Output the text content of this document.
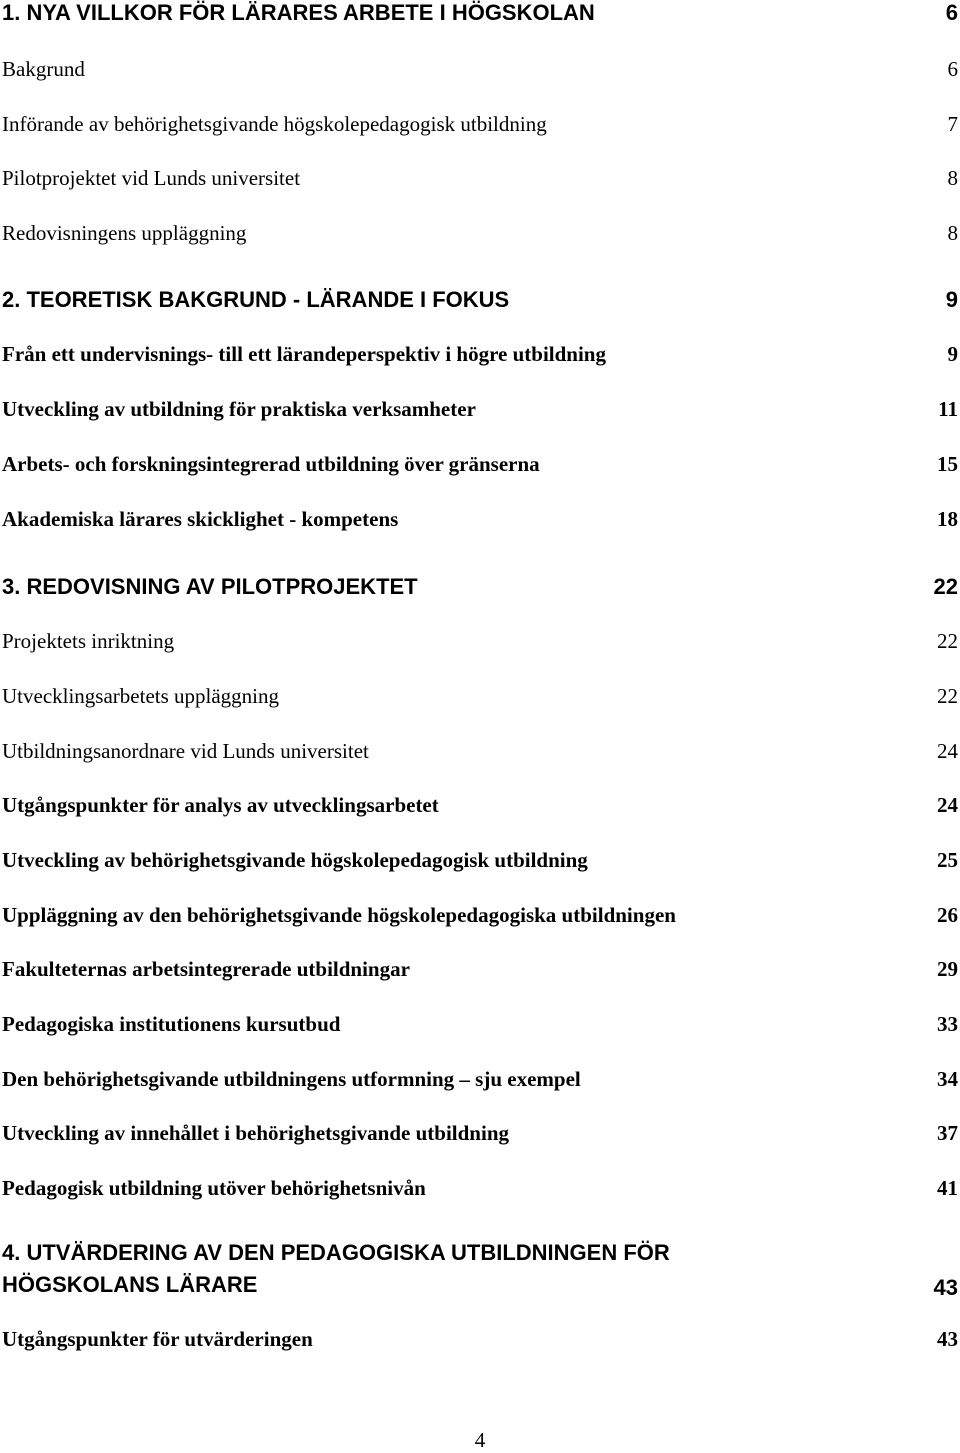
1. NYA VILLKOR FÖR LÄRARES ARBETE I HÖGSKOLAN	6
Bakgrund	6
Införande av behörighetsgivande högskolepedagogisk utbildning	7
Pilotprojektet vid Lunds universitet	8
Redovisningens uppläggning	8
2. TEORETISK BAKGRUND - LÄRANDE I FOKUS	9
Från ett undervisnings- till ett lärandeperspektiv i högre utbildning	9
Utveckling av utbildning för praktiska verksamheter	11
Arbets- och forskningsintegrerad utbildning över gränserna	15
Akademiska lärares skicklighet - kompetens	18
3. REDOVISNING AV PILOTPROJEKTET	22
Projektets inriktning	22
Utvecklingsarbetets uppläggning	22
Utbildningsanordnare vid Lunds universitet	24
Utgångspunkter för analys av utvecklingsarbetet	24
Utveckling av behörighetsgivande högskolepedagogisk utbildning	25
Uppläggning av den behörighetsgivande högskolepedagogiska utbildningen	26
Fakulteternas arbetsintegrerade utbildningar	29
Pedagogiska institutionens kursutbud	33
Den behörighetsgivande utbildningens utformning – sju exempel	34
Utveckling av innehållet i behörighetsgivande utbildning	37
Pedagogisk utbildning utöver behörighetsnivån	41
4. UTVÄRDERING AV DEN PEDAGOGISKA UTBILDNINGEN FÖR
HÖGSKOLANS LÄRARE	43
Utgångspunkter för utvärderingen	43
4
